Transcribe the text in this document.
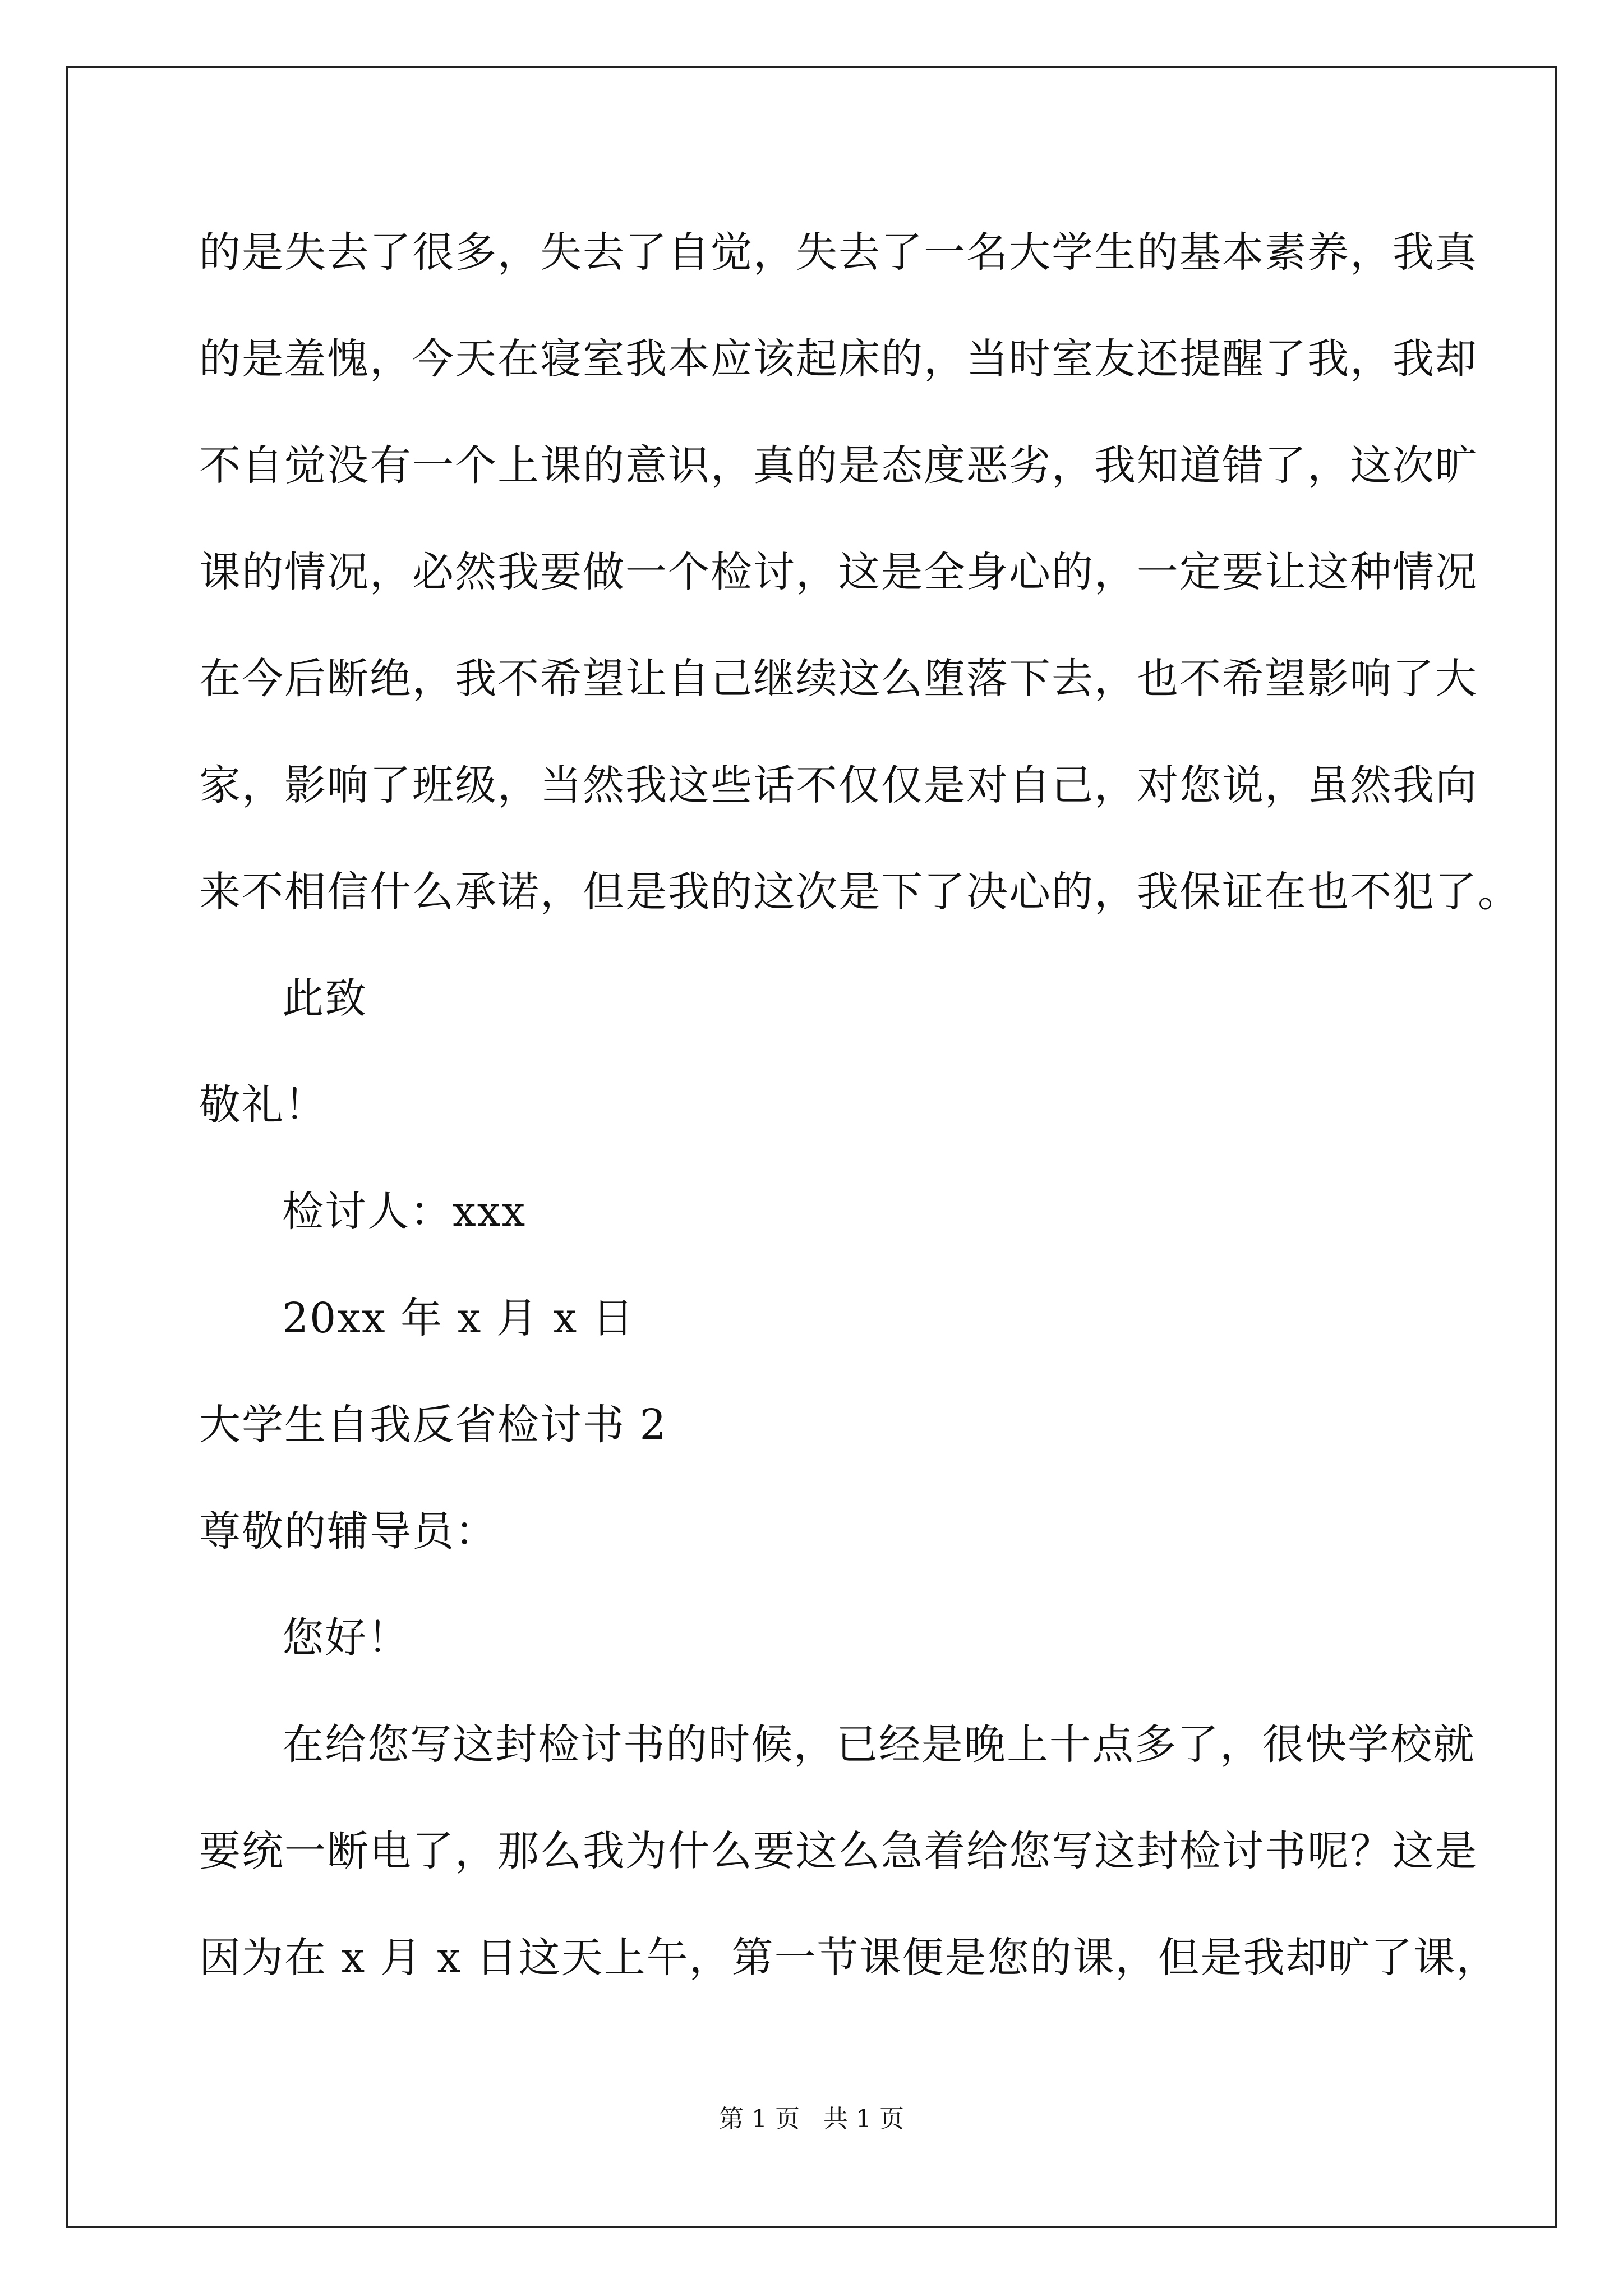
的是失去了很多，失去了自觉，失去了一名大学生的基本素养，我真
的是羞愧，今天在寝室我本应该起床的，当时室友还提醒了我，我却
不自觉没有一个上课的意识，真的是态度恶劣，我知道错了，这次旷
课的情况，必然我要做一个检讨，这是全身心的，一定要让这种情况
在今后断绝，我不希望让自己继续这么堕落下去，也不希望影响了大
家，影响了班级，当然我这些话不仅仅是对自己，对您说，虽然我向
来不相信什么承诺，但是我的这次是下了决心的，我保证在也不犯了。
此致
敬礼！
检讨人：xxx
20xx 年 x 月 x 日
大学生自我反省检讨书 2
尊敬的辅导员：
您好！
在给您写这封检讨书的时候，已经是晚上十点多了，很快学校就
要统一断电了，那么我为什么要这么急着给您写这封检讨书呢？这是
因为在 x 月 x 日这天上午，第一节课便是您的课，但是我却旷了课，
第 1 页   共 1 页
